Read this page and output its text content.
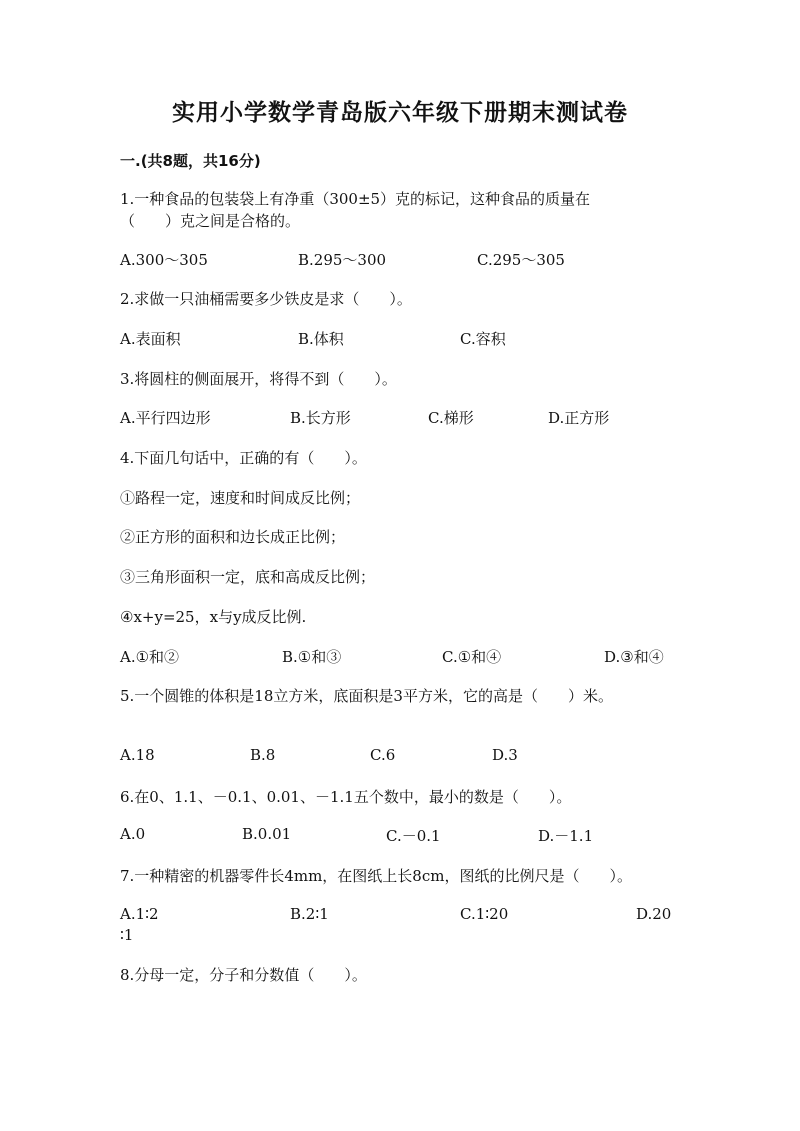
实用小学数学青岛版六年级下册期末测试卷
一.(共8题，共16分)
1.一种食品的包装袋上有净重（300±5）克的标记，这种食品的质量在
（　　）克之间是合格的。
A.300～305	B.295～300	C.295～305
2.求做一只油桶需要多少铁皮是求（　　）。
A.表面积	B.体积	C.容积
3.将圆柱的侧面展开，将得不到（　　）。
A.平行四边形	B.长方形	C.梯形	D.正方形
4.下面几句话中，正确的有（　　）。
①路程一定，速度和时间成反比例；
②正方形的面积和边长成正比例；
③三角形面积一定，底和高成反比例；
④x+y=25，x与y成反比例.
A.①和②	B.①和③	C.①和④	D.③和④
5.一个圆锥的体积是18立方米，底面积是3平方米，它的高是（　　）米。
A.18	B.8	C.6	D.3
6.在0、1.1、－0.1、0.01、－1.1五个数中，最小的数是（　　）。
A.0	B.0.01	C.－0.1	D.－1.1
7.一种精密的机器零件长4mm，在图纸上长8cm，图纸的比例尺是（　　）。
A.1∶2	B.2∶1	C.1∶20	D.20
∶1
8.分母一定，分子和分数值（　　）。
